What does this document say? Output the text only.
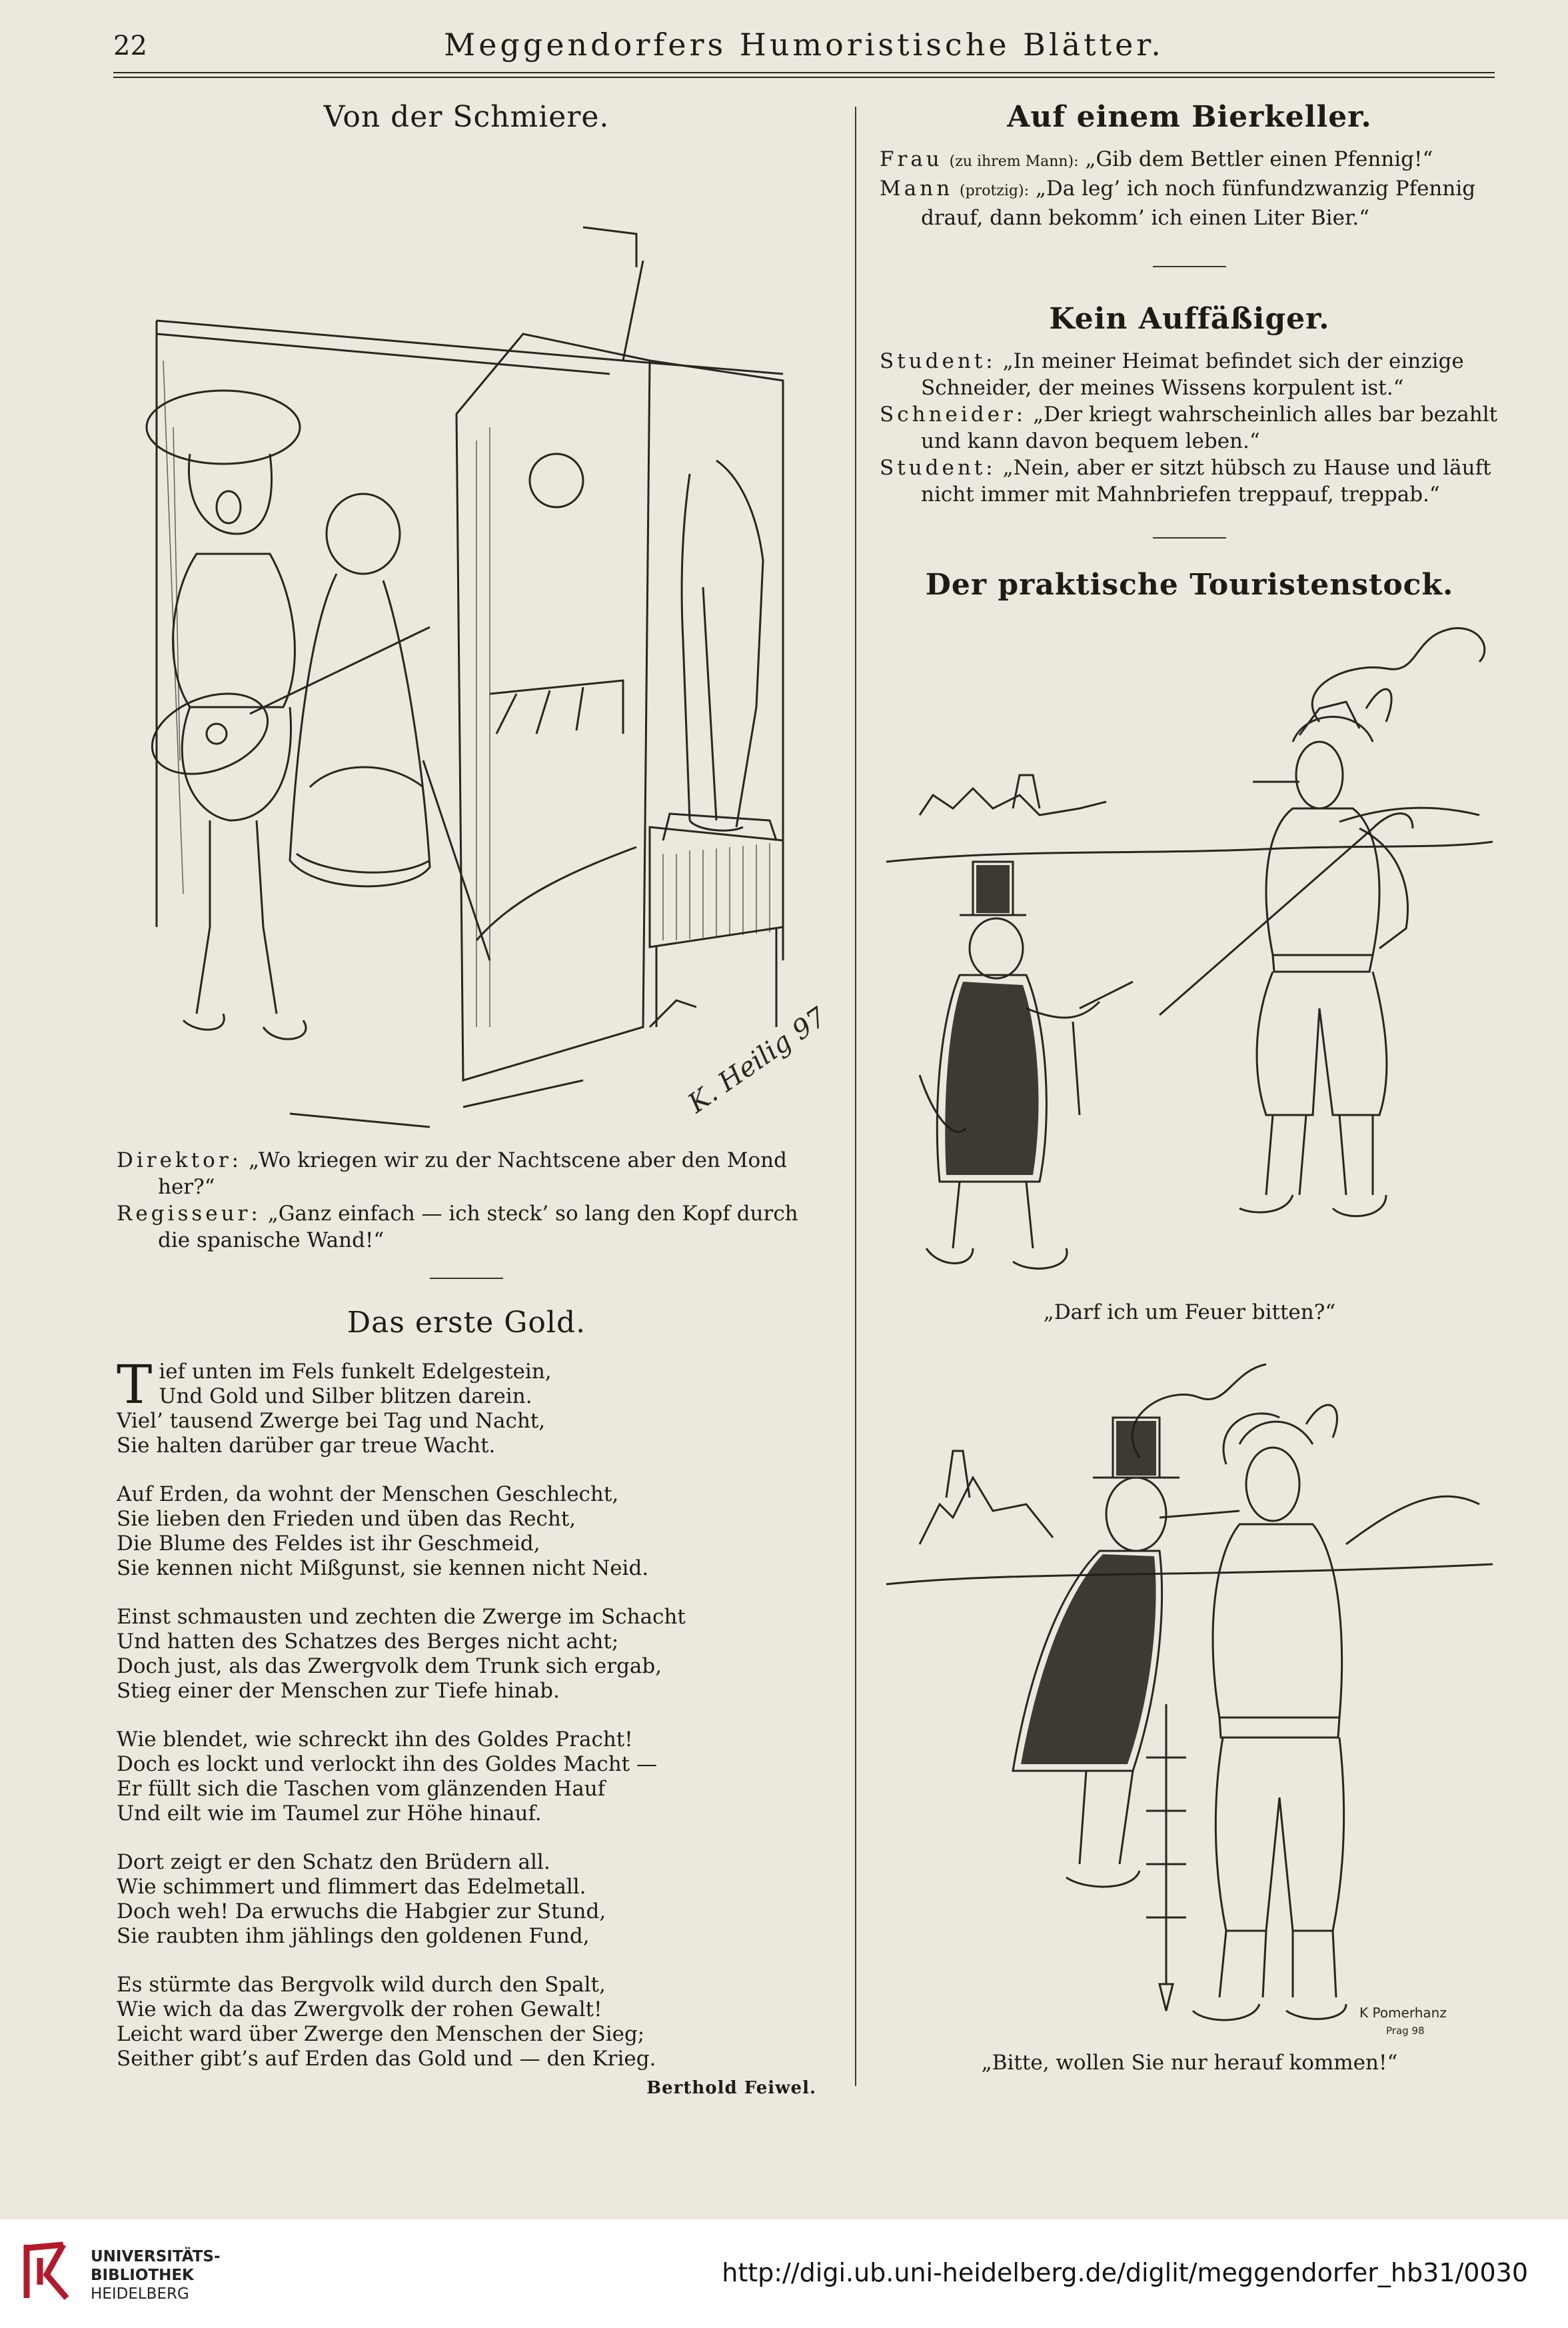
22	Meggendorfers Humoristische Blätter.
Von der Schmiere.
K. Heilig 97

Direktor: „Wo kriegen wir zu der Nachtscene aber den Mond

her?“

Regisseur: „Ganz einfach — ich steck’ so lang den Kopf durch

die spanische Wand!“

Das erste Gold.
T ief unten im Fels funkelt Edelgestein,

Und Gold und Silber blitzen darein.

Viel’ tausend Zwerge bei Tag und Nacht,

Sie halten darüber gar treue Wacht.

Auf Erden, da wohnt der Menschen Geschlecht,

Sie lieben den Frieden und üben das Recht,

Die Blume des Feldes ist ihr Geschmeid,

Sie kennen nicht Mißgunst, sie kennen nicht Neid.

Einst schmausten und zechten die Zwerge im Schacht

Und hatten des Schatzes des Berges nicht acht;

Doch just, als das Zwergvolk dem Trunk sich ergab,

Stieg einer der Menschen zur Tiefe hinab.

Wie blendet, wie schreckt ihn des Goldes Pracht!

Doch es lockt und verlockt ihn des Goldes Macht —

Er füllt sich die Taschen vom glänzenden Hauf

Und eilt wie im Taumel zur Höhe hinauf.

Dort zeigt er den Schatz den Brüdern all.

Wie schimmert und flimmert das Edelmetall.

Doch weh! Da erwuchs die Habgier zur Stund,

Sie raubten ihm jählings den goldenen Fund,

Es stürmte das Bergvolk wild durch den Spalt,

Wie wich da das Zwergvolk der rohen Gewalt!

Leicht ward über Zwerge den Menschen der Sieg;

Seither gibt’s auf Erden das Gold und — den Krieg.

Berthold Feiwel.
Auf einem Bierkeller.

Frau (zu ihrem Mann): „Gib dem Bettler einen Pfennig!“

Mann (protzig): „Da leg’ ich noch fünfundzwanzig Pfennig

drauf, dann bekomm’ ich einen Liter Bier.“

Kein Auffäßiger.

Student: „In meiner Heimat befindet sich der einzige

Schneider, der meines Wissens korpulent ist.“

Schneider: „Der kriegt wahrscheinlich alles bar bezahlt

und kann davon bequem leben.“

Student: „Nein, aber er sitzt hübsch zu Hause und läuft

nicht immer mit Mahnbriefen treppauf, treppab.“

Der praktische Touristenstock.

„Darf ich um Feuer bitten?“

K Pomerhanz
Prag 98

„Bitte, wollen Sie nur herauf kommen!“

UNIVERSITÄTS-
BIBLIOTHEK
HEIDELBERG
http://digi.ub.uni-heidelberg.de/diglit/meggendorfer_hb31/0030
